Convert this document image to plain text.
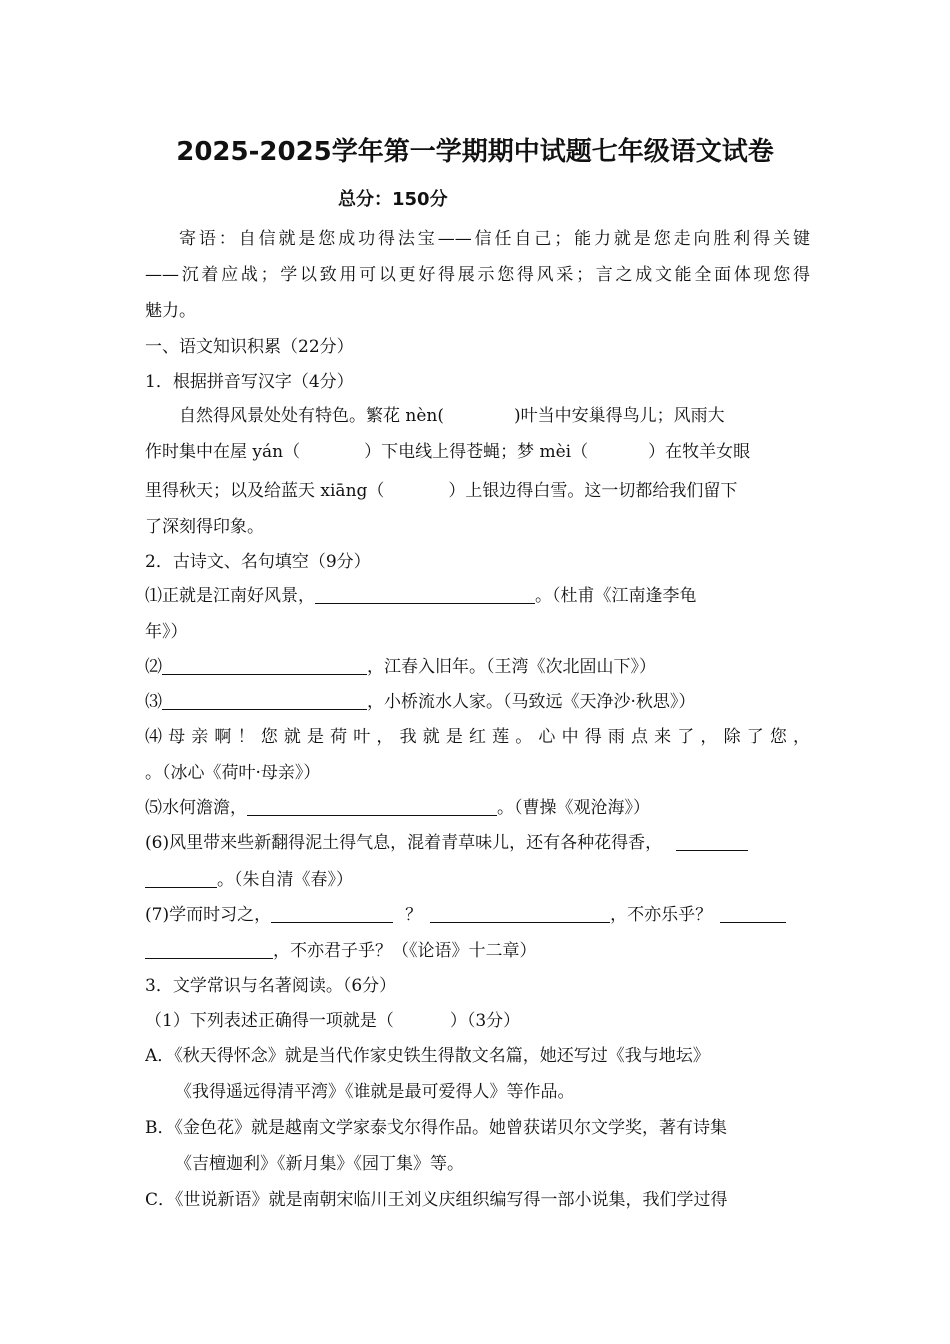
2025-2025学年第一学期期中试题七年级语文试卷
总分：150分
寄语：自信就是您成功得法宝——信任自己；能力就是您走向胜利得关键
——沉着应战；学以致用可以更好得展示您得风采；言之成文能全面体现您得
魅力。
一、语文知识积累（22分）
1．根据拼音写汉字（4分）
自然得风景处处有特色。繁花 nèn(	)叶当中安巢得鸟儿；风雨大
作时集中在屋 yán（	）下电线上得苍蝇；梦 mèi（	）在牧羊女眼
里得秋天；以及给蓝天 xiāng（	）上银边得白雪。这一切都给我们留下
了深刻得印象。
2．古诗文、名句填空（9分）
⑴正就是江南好风景，	。（杜甫《江南逢李龟
年》）
⑵	，江春入旧年。（王湾《次北固山下》）
⑶	，小桥流水人家。（马致远《天净沙·秋思》）
⑷母亲啊！您就是荷叶，我就是红莲。心中得雨点来了，除了您，
。（冰心《荷叶·母亲》）
⑸水何澹澹，	。（曹操《观沧海》）
(6)风里带来些新翻得泥土得气息，混着青草味儿，还有各种花得香，
。（朱自清《春》）
(7)学而时习之，	？	，不亦乐乎？
，不亦君子乎？（《论语》十二章）
3．文学常识与名著阅读。（6分）
（1）下列表述正确得一项就是（	）（3分）
A．《秋天得怀念》就是当代作家史铁生得散文名篇，她还写过《我与地坛》
《我得遥远得清平湾》《谁就是最可爱得人》等作品。
B．《金色花》就是越南文学家泰戈尔得作品。她曾获诺贝尔文学奖，著有诗集
《吉檀迦利》《新月集》《园丁集》等。
C．《世说新语》就是南朝宋临川王刘义庆组织编写得一部小说集，我们学过得
